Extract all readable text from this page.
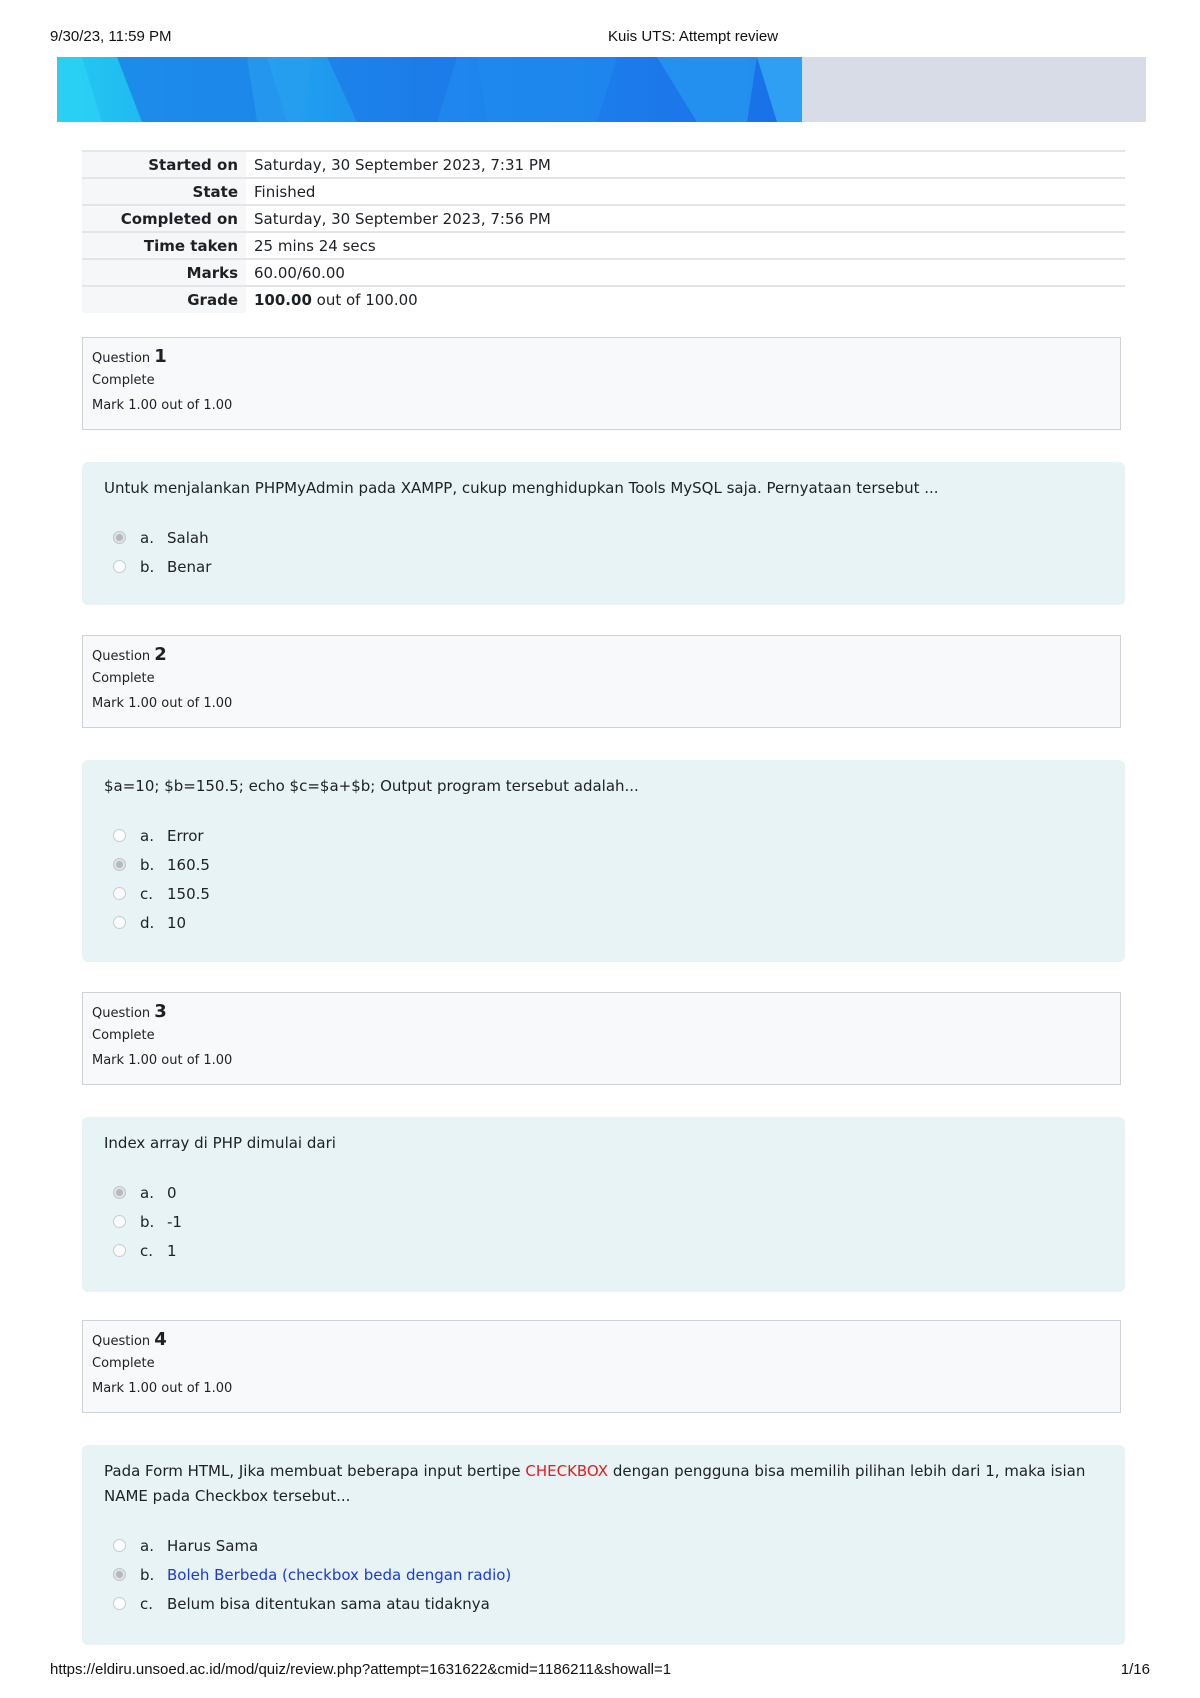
9/30/23, 11:59 PM	Kuis UTS: Attempt review
Started on	Saturday, 30 September 2023, 7:31 PM
State	Finished
Completed on	Saturday, 30 September 2023, 7:56 PM
Time taken	25 mins 24 secs
Marks	60.00/60.00
Grade	100.00 out of 100.00
Question 1
Complete
Mark 1.00 out of 1.00
Untuk menjalankan PHPMyAdmin pada XAMPP, cukup menghidupkan Tools MySQL saja. Pernyataan tersebut ...
a. Salah
b. Benar
Question 2
Complete
Mark 1.00 out of 1.00
$a=10; $b=150.5; echo $c=$a+$b; Output program tersebut adalah...
a. Error
b. 160.5
c. 150.5
d. 10
Question 3
Complete
Mark 1.00 out of 1.00
Index array di PHP dimulai dari
a. 0
b. -1
c. 1
Question 4
Complete
Mark 1.00 out of 1.00
Pada Form HTML, Jika membuat beberapa input bertipe CHECKBOX dengan pengguna bisa memilih pilihan lebih dari 1, maka isian NAME pada Checkbox tersebut...
a. Harus Sama
b. Boleh Berbeda (checkbox beda dengan radio)
c. Belum bisa ditentukan sama atau tidaknya
https://eldiru.unsoed.ac.id/mod/quiz/review.php?attempt=1631622&cmid=1186211&showall=1	1/16
